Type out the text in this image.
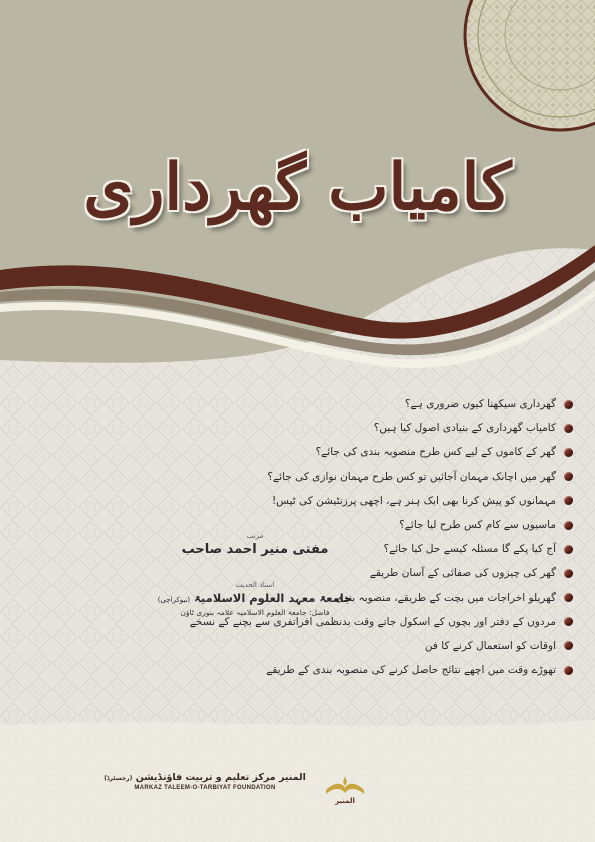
کامیاب گھرداری
گھرداری سیکھنا کیوں ضروری ہے؟
کامیاب گھرداری کے بنیادی اصول کیا ہیں؟
گھر کے کاموں کے لیے کس طرح منصوبہ بندی کی جائے؟
گھر میں اچانک مہمان آجائیں تو کس طرح مہمان نوازی کی جائے؟
مہمانوں کو پیش کرنا بھی ایک ہنر ہے، اچھی پرزنٹیشن کی ٹپس!
ماسیوں سے کام کس طرح لیا جائے؟
آج کیا پکے گا مسئلہ کیسے حل کیا جائے؟
گھر کی چیزوں کی صفائی کے آسان طریقے
گھریلو اخراجات میں بچت کے طریقے، منصوبہ بندی
مردوں کے دفتر اور بچوں کے اسکول جاتے وقت بدنظمی افراتفری سے بچنے کے نسخے
اوقات کو استعمال کرنے کا فن
تھوڑے وقت میں اچھے نتائج حاصل کرنے کی منصوبہ بندی کے طریقے
مرتب
مفتی منیر احمد صاحب
استاذ الحدیث
جامعۃ معہد العلوم الاسلامیۃ (نیوکراچی)
فاضل: جامعۃ العلوم الاسلامیہ علامہ بنوری ٹاؤن
المنیر مرکز تعلیم و تربیت فاؤنڈیشن (رجسٹرڈ)
MARKAZ TALEEM-O-TARBIYAT FOUNDATION
المنیر
